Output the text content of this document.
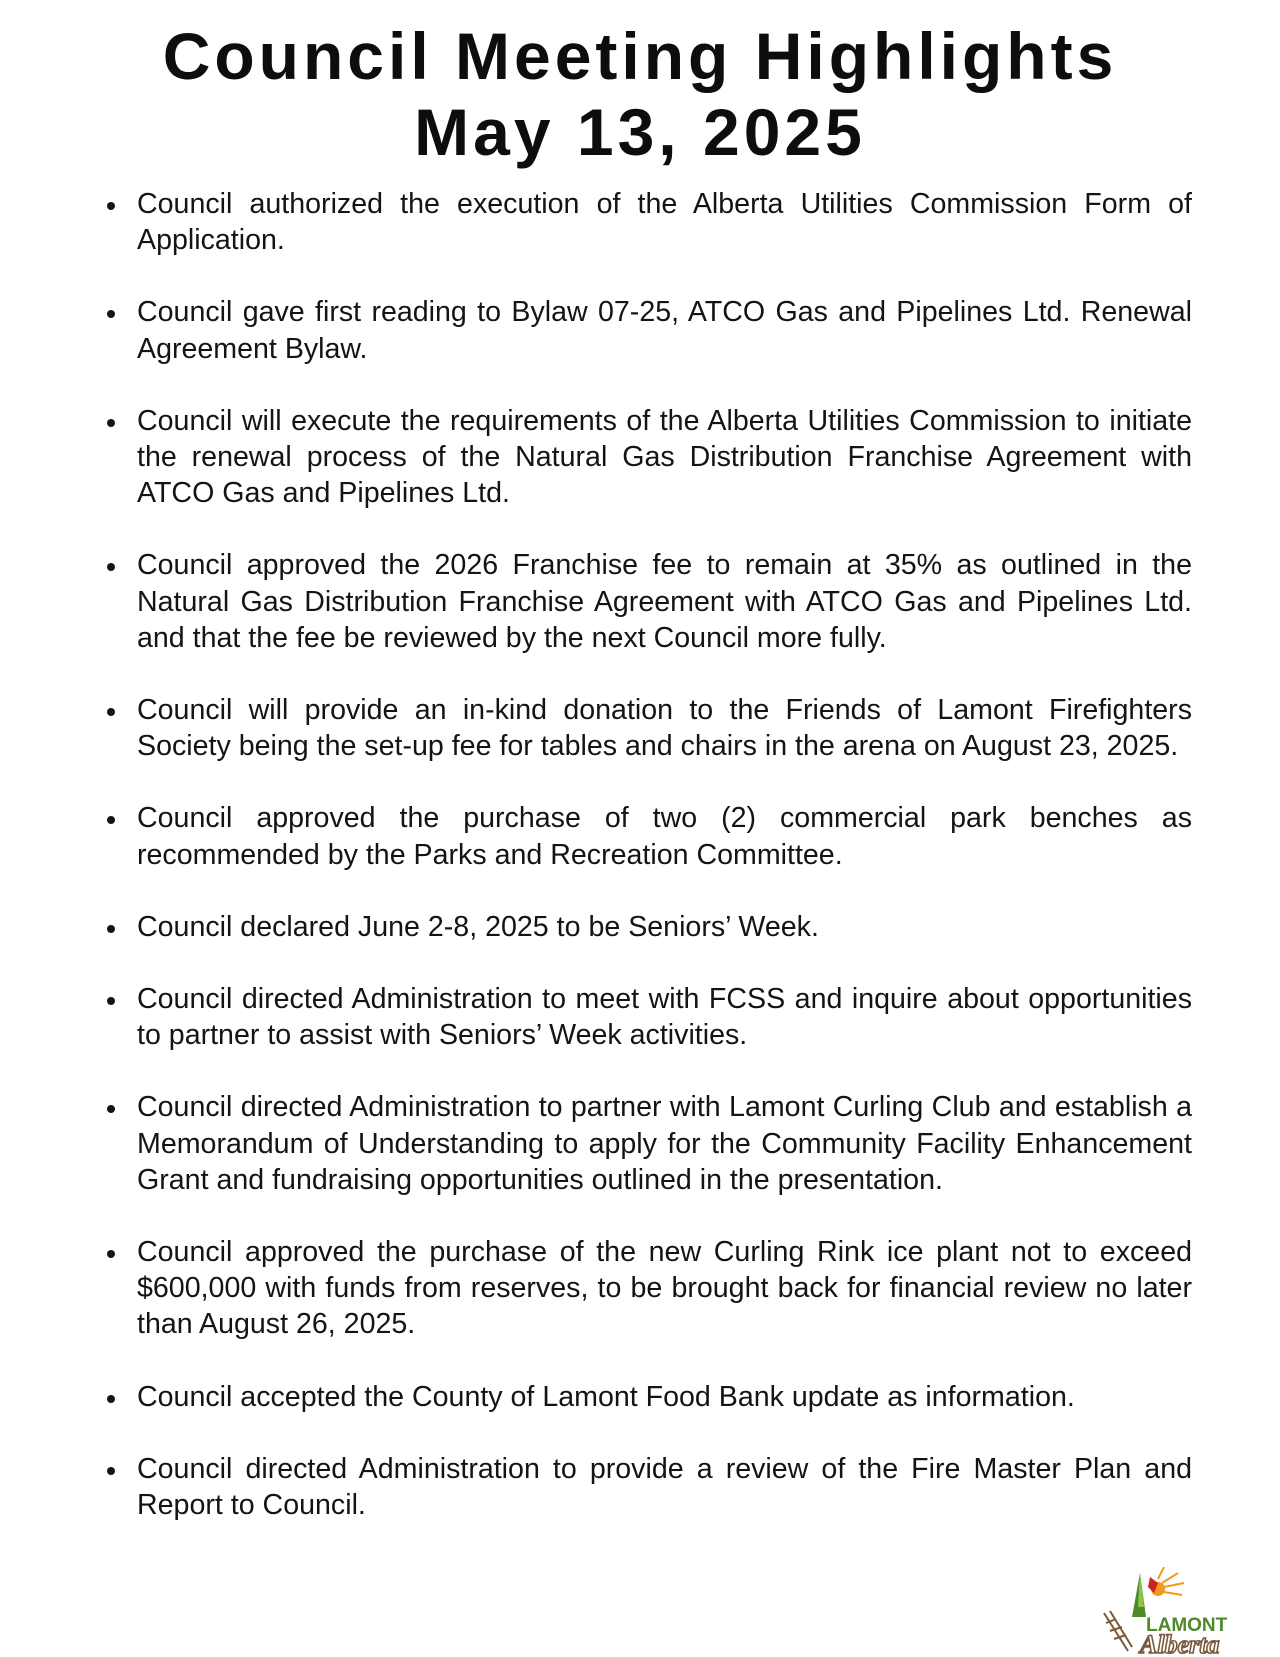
Council Meeting Highlights
May 13, 2025
Council authorized the execution of the Alberta Utilities Commission Form of Application.
Council gave first reading to Bylaw 07-25, ATCO Gas and Pipelines Ltd. Renewal Agreement Bylaw.
Council will execute the requirements of the Alberta Utilities Commission to initiate the renewal process of the Natural Gas Distribution Franchise Agreement with ATCO Gas and Pipelines Ltd.
Council approved the 2026 Franchise fee to remain at 35% as outlined in the Natural Gas Distribution Franchise Agreement with ATCO Gas and Pipelines Ltd. and that the fee be reviewed by the next Council more fully.
Council will provide an in-kind donation to the Friends of Lamont Firefighters Society being the set-up fee for tables and chairs in the arena on August 23, 2025.
Council approved the purchase of two (2) commercial park benches as recommended by the Parks and Recreation Committee.
Council declared June 2-8, 2025 to be Seniors’ Week.
Council directed Administration to meet with FCSS and inquire about opportunities to partner to assist with Seniors’ Week activities.
Council directed Administration to partner with Lamont Curling Club and establish a Memorandum of Understanding to apply for the Community Facility Enhancement Grant and fundraising opportunities outlined in the presentation.
Council approved the purchase of the new Curling Rink ice plant not to exceed $600,000 with funds from reserves, to be brought back for financial review no later than August 26, 2025.
Council accepted the County of Lamont Food Bank update as information.
Council directed Administration to provide a review of the Fire Master Plan and Report to Council.
LAMONT
Alberta
